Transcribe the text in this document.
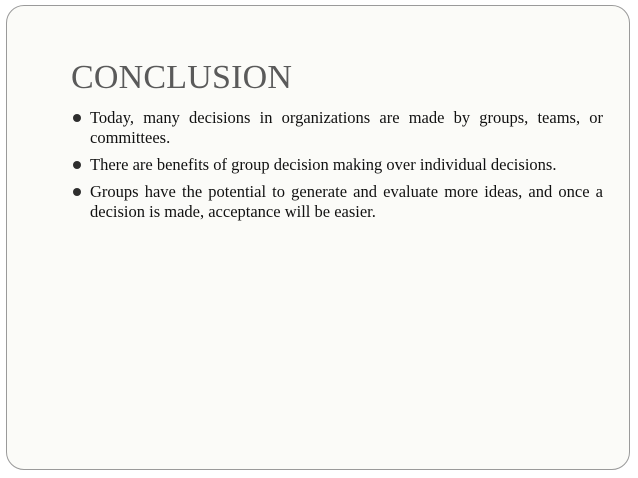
CONCLUSION
Today, many decisions in organizations are made by groups, teams, or committees.
There are benefits of group decision making over individual decisions.
Groups have the potential to generate and evaluate more ideas, and once a decision is made, acceptance will be easier.
